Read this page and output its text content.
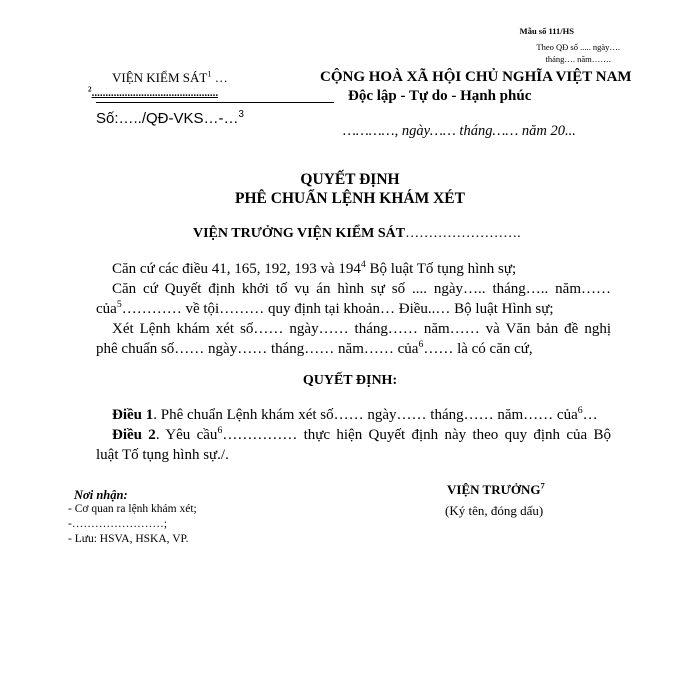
Mẫu số 111/HS
Theo QĐ số ..... ngày….
tháng…. năm…….
VIỆN KIỂM SÁT$^1$ …
$^2$..............................................
Số:…../QĐ-VKS…-…$^3$
CỘNG HOÀ XÃ HỘI CHỦ NGHĨA VIỆT NAM
Độc lập - Tự do - Hạnh phúc
…………, ngày…… tháng…… năm 20...
QUYẾT ĐỊNH
PHÊ CHUẨN LỆNH KHÁM XÉT
VIỆN TRƯỞNG VIỆN KIỂM SÁT…………………….
Căn cứ các điều 41, 165, 192, 193 và $194^4$ Bộ luật Tố tụng hình sự;
Căn cứ Quyết định khởi tố vụ án hình sự số .... ngày….. tháng….. năm……
của$^5$………… về tội……… quy định tại khoản… Điều..… Bộ luật Hình sự;
Xét Lệnh khám xét số…… ngày…… tháng…… năm…… và Văn bản đề nghị
phê chuẩn số…… ngày…… tháng…… năm…… của$^6$…… là có căn cứ,
QUYẾT ĐỊNH:
Điều 1. Phê chuẩn Lệnh khám xét số…… ngày…… tháng…… năm…… của$^6$…
Điều 2. Yêu cầu$^6$…………… thực hiện Quyết định này theo quy định của Bộ
luật Tố tụng hình sự./.
Nơi nhận:
- Cơ quan ra lệnh khám xét;
-……………………;
- Lưu: HSVA, HSKA, VP.
VIỆN TRƯỞNG$^7$
(Ký tên, đóng dấu)
